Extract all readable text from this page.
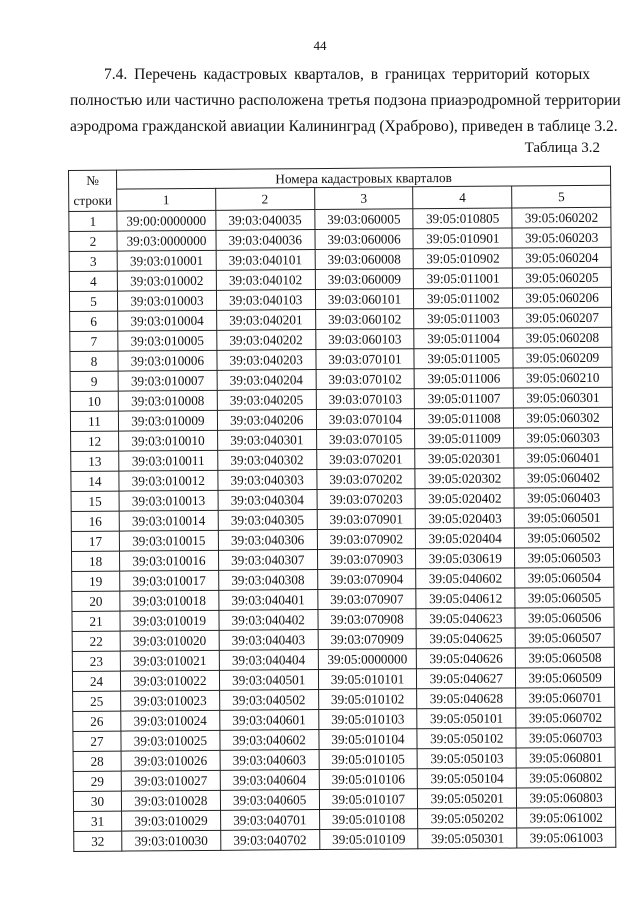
44
7.4. Перечень кадастровых кварталов, в границах территорий которых
полностью или частично расположена третья подзона приаэродромной территории
аэродрома гражданской авиации Калининград (Храброво), приведен в таблице 3.2.
Таблица 3.2
№
строки	Номера кадастровых кварталов				
	1	2	3	4	5
1	39:00:0000000	39:03:040035	39:03:060005	39:05:010805	39:05:060202
2	39:03:0000000	39:03:040036	39:03:060006	39:05:010901	39:05:060203
3	39:03:010001	39:03:040101	39:03:060008	39:05:010902	39:05:060204
4	39:03:010002	39:03:040102	39:03:060009	39:05:011001	39:05:060205
5	39:03:010003	39:03:040103	39:03:060101	39:05:011002	39:05:060206
6	39:03:010004	39:03:040201	39:03:060102	39:05:011003	39:05:060207
7	39:03:010005	39:03:040202	39:03:060103	39:05:011004	39:05:060208
8	39:03:010006	39:03:040203	39:03:070101	39:05:011005	39:05:060209
9	39:03:010007	39:03:040204	39:03:070102	39:05:011006	39:05:060210
10	39:03:010008	39:03:040205	39:03:070103	39:05:011007	39:05:060301
11	39:03:010009	39:03:040206	39:03:070104	39:05:011008	39:05:060302
12	39:03:010010	39:03:040301	39:03:070105	39:05:011009	39:05:060303
13	39:03:010011	39:03:040302	39:03:070201	39:05:020301	39:05:060401
14	39:03:010012	39:03:040303	39:03:070202	39:05:020302	39:05:060402
15	39:03:010013	39:03:040304	39:03:070203	39:05:020402	39:05:060403
16	39:03:010014	39:03:040305	39:03:070901	39:05:020403	39:05:060501
17	39:03:010015	39:03:040306	39:03:070902	39:05:020404	39:05:060502
18	39:03:010016	39:03:040307	39:03:070903	39:05:030619	39:05:060503
19	39:03:010017	39:03:040308	39:03:070904	39:05:040602	39:05:060504
20	39:03:010018	39:03:040401	39:03:070907	39:05:040612	39:05:060505
21	39:03:010019	39:03:040402	39:03:070908	39:05:040623	39:05:060506
22	39:03:010020	39:03:040403	39:03:070909	39:05:040625	39:05:060507
23	39:03:010021	39:03:040404	39:05:0000000	39:05:040626	39:05:060508
24	39:03:010022	39:03:040501	39:05:010101	39:05:040627	39:05:060509
25	39:03:010023	39:03:040502	39:05:010102	39:05:040628	39:05:060701
26	39:03:010024	39:03:040601	39:05:010103	39:05:050101	39:05:060702
27	39:03:010025	39:03:040602	39:05:010104	39:05:050102	39:05:060703
28	39:03:010026	39:03:040603	39:05:010105	39:05:050103	39:05:060801
29	39:03:010027	39:03:040604	39:05:010106	39:05:050104	39:05:060802
30	39:03:010028	39:03:040605	39:05:010107	39:05:050201	39:05:060803
31	39:03:010029	39:03:040701	39:05:010108	39:05:050202	39:05:061002
32	39:03:010030	39:03:040702	39:05:010109	39:05:050301	39:05:061003
